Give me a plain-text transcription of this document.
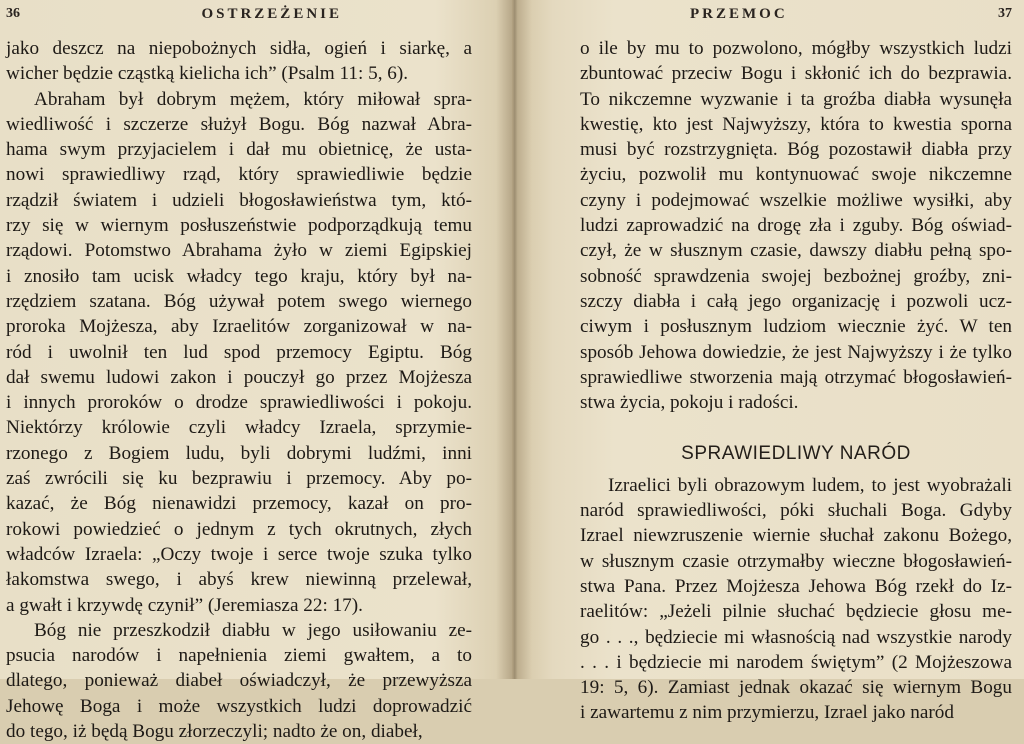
36	OSTRZEŻENIE

jako deszcz na niepobożnych sidła, ogień i siarkę, a
wicher będzie cząstką kielicha ich” (Psalm 11: 5, 6).

Abraham był dobrym mężem, który miłował spra-
wiedliwość i szczerze służył Bogu. Bóg nazwał Abra-
hama swym przyjacielem i dał mu obietnicę, że usta-
nowi sprawiedliwy rząd, który sprawiedliwie będzie
rządził światem i udzieli błogosławieństwa tym, któ-
rzy się w wiernym posłuszeństwie podporządkują temu
rządowi. Potomstwo Abrahama żyło w ziemi Egipskiej
i znosiło tam ucisk władcy tego kraju, który był na-
rzędziem szatana. Bóg używał potem swego wiernego
proroka Mojżesza, aby Izraelitów zorganizował w na-
ród i uwolnił ten lud spod przemocy Egiptu. Bóg
dał swemu ludowi zakon i pouczył go przez Mojżesza
i innych proroków o drodze sprawiedliwości i pokoju.
Niektórzy królowie czyli władcy Izraela, sprzymie-
rzonego z Bogiem ludu, byli dobrymi ludźmi, inni
zaś zwrócili się ku bezprawiu i przemocy. Aby po-
kazać, że Bóg nienawidzi przemocy, kazał on pro-
rokowi powiedzieć o jednym z tych okrutnych, złych
władców Izraela: „Oczy twoje i serce twoje szuka tylko
łakomstwa swego, i abyś krew niewinną przelewał,
a gwałt i krzywdę czynił” (Jeremiasza 22: 17).

Bóg nie przeszkodził diabłu w jego usiłowaniu ze-
psucia narodów i napełnienia ziemi gwałtem, a to
dlatego, ponieważ diabeł oświadczył, że przewyższa
Jehowę Boga i może wszystkich ludzi doprowadzić
do tego, iż będą Bogu złorzeczyli; nadto że on, diabeł,

PRZEMOC	37

o ile by mu to pozwolono, mógłby wszystkich ludzi
zbuntować przeciw Bogu i skłonić ich do bezprawia.
To nikczemne wyzwanie i ta groźba diabła wysunęła
kwestię, kto jest Najwyższy, która to kwestia sporna
musi być rozstrzygnięta. Bóg pozostawił diabła przy
życiu, pozwolił mu kontynuować swoje nikczemne
czyny i podejmować wszelkie możliwe wysiłki, aby
ludzi zaprowadzić na drogę zła i zguby. Bóg oświad-
czył, że w słusznym czasie, dawszy diabłu pełną spo-
sobność sprawdzenia swojej bezbożnej groźby, zni-
szczy diabła i całą jego organizację i pozwoli ucz-
ciwym i posłusznym ludziom wiecznie żyć. W ten
sposób Jehowa dowiedzie, że jest Najwyższy i że tylko
sprawiedliwe stworzenia mają otrzymać błogosławień-
stwa życia, pokoju i radości.

SPRAWIEDLIWY NARÓD

Izraelici byli obrazowym ludem, to jest wyobrażali
naród sprawiedliwości, póki słuchali Boga. Gdyby
Izrael niewzruszenie wiernie słuchał zakonu Bożego,
w słusznym czasie otrzymałby wieczne błogosławień-
stwa Pana. Przez Mojżesza Jehowa Bóg rzekł do Iz-
raelitów: „Jeżeli pilnie słuchać będziecie głosu me-
go . . ., będziecie mi własnością nad wszystkie narody
. . . i będziecie mi narodem świętym” (2 Mojżeszowa
19: 5, 6). Zamiast jednak okazać się wiernym Bogu
i zawartemu z nim przymierzu, Izrael jako naród
